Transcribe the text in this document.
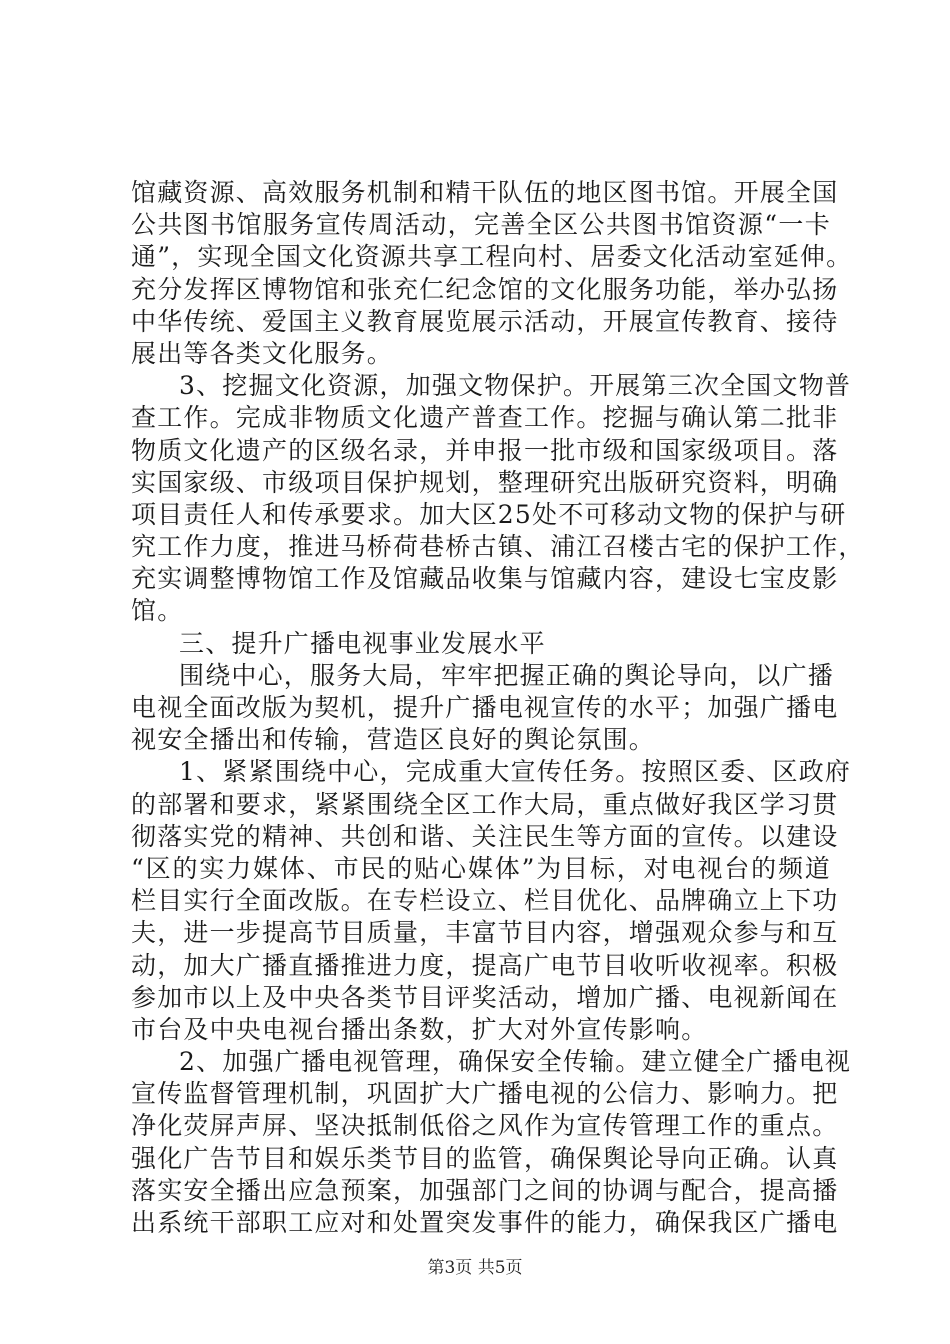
馆藏资源、高效服务机制和精干队伍的地区图书馆。开展全国
公共图书馆服务宣传周活动，完善全区公共图书馆资源“一卡
通”，实现全国文化资源共享工程向村、居委文化活动室延伸。
充分发挥区博物馆和张充仁纪念馆的文化服务功能，举办弘扬
中华传统、爱国主义教育展览展示活动，开展宣传教育、接待
展出等各类文化服务。
3、挖掘文化资源，加强文物保护。开展第三次全国文物普
查工作。完成非物质文化遗产普查工作。挖掘与确认第二批非
物质文化遗产的区级名录，并申报一批市级和国家级项目。落
实国家级、市级项目保护规划，整理研究出版研究资料，明确
项目责任人和传承要求。加大区25处不可移动文物的保护与研
究工作力度，推进马桥荷巷桥古镇、浦江召楼古宅的保护工作，
充实调整博物馆工作及馆藏品收集与馆藏内容，建设七宝皮影
馆。
三、提升广播电视事业发展水平
围绕中心，服务大局，牢牢把握正确的舆论导向，以广播
电视全面改版为契机，提升广播电视宣传的水平；加强广播电
视安全播出和传输，营造区良好的舆论氛围。
1、紧紧围绕中心，完成重大宣传任务。按照区委、区政府
的部署和要求，紧紧围绕全区工作大局，重点做好我区学习贯
彻落实党的精神、共创和谐、关注民生等方面的宣传。以建设
“区的实力媒体、市民的贴心媒体”为目标，对电视台的频道
栏目实行全面改版。在专栏设立、栏目优化、品牌确立上下功
夫，进一步提高节目质量，丰富节目内容，增强观众参与和互
动，加大广播直播推进力度，提高广电节目收听收视率。积极
参加市以上及中央各类节目评奖活动，增加广播、电视新闻在
市台及中央电视台播出条数，扩大对外宣传影响。
2、加强广播电视管理，确保安全传输。建立健全广播电视
宣传监督管理机制，巩固扩大广播电视的公信力、影响力。把
净化荧屏声屏、坚决抵制低俗之风作为宣传管理工作的重点。
强化广告节目和娱乐类节目的监管，确保舆论导向正确。认真
落实安全播出应急预案，加强部门之间的协调与配合，提高播
出系统干部职工应对和处置突发事件的能力，确保我区广播电
第3页 共5页
